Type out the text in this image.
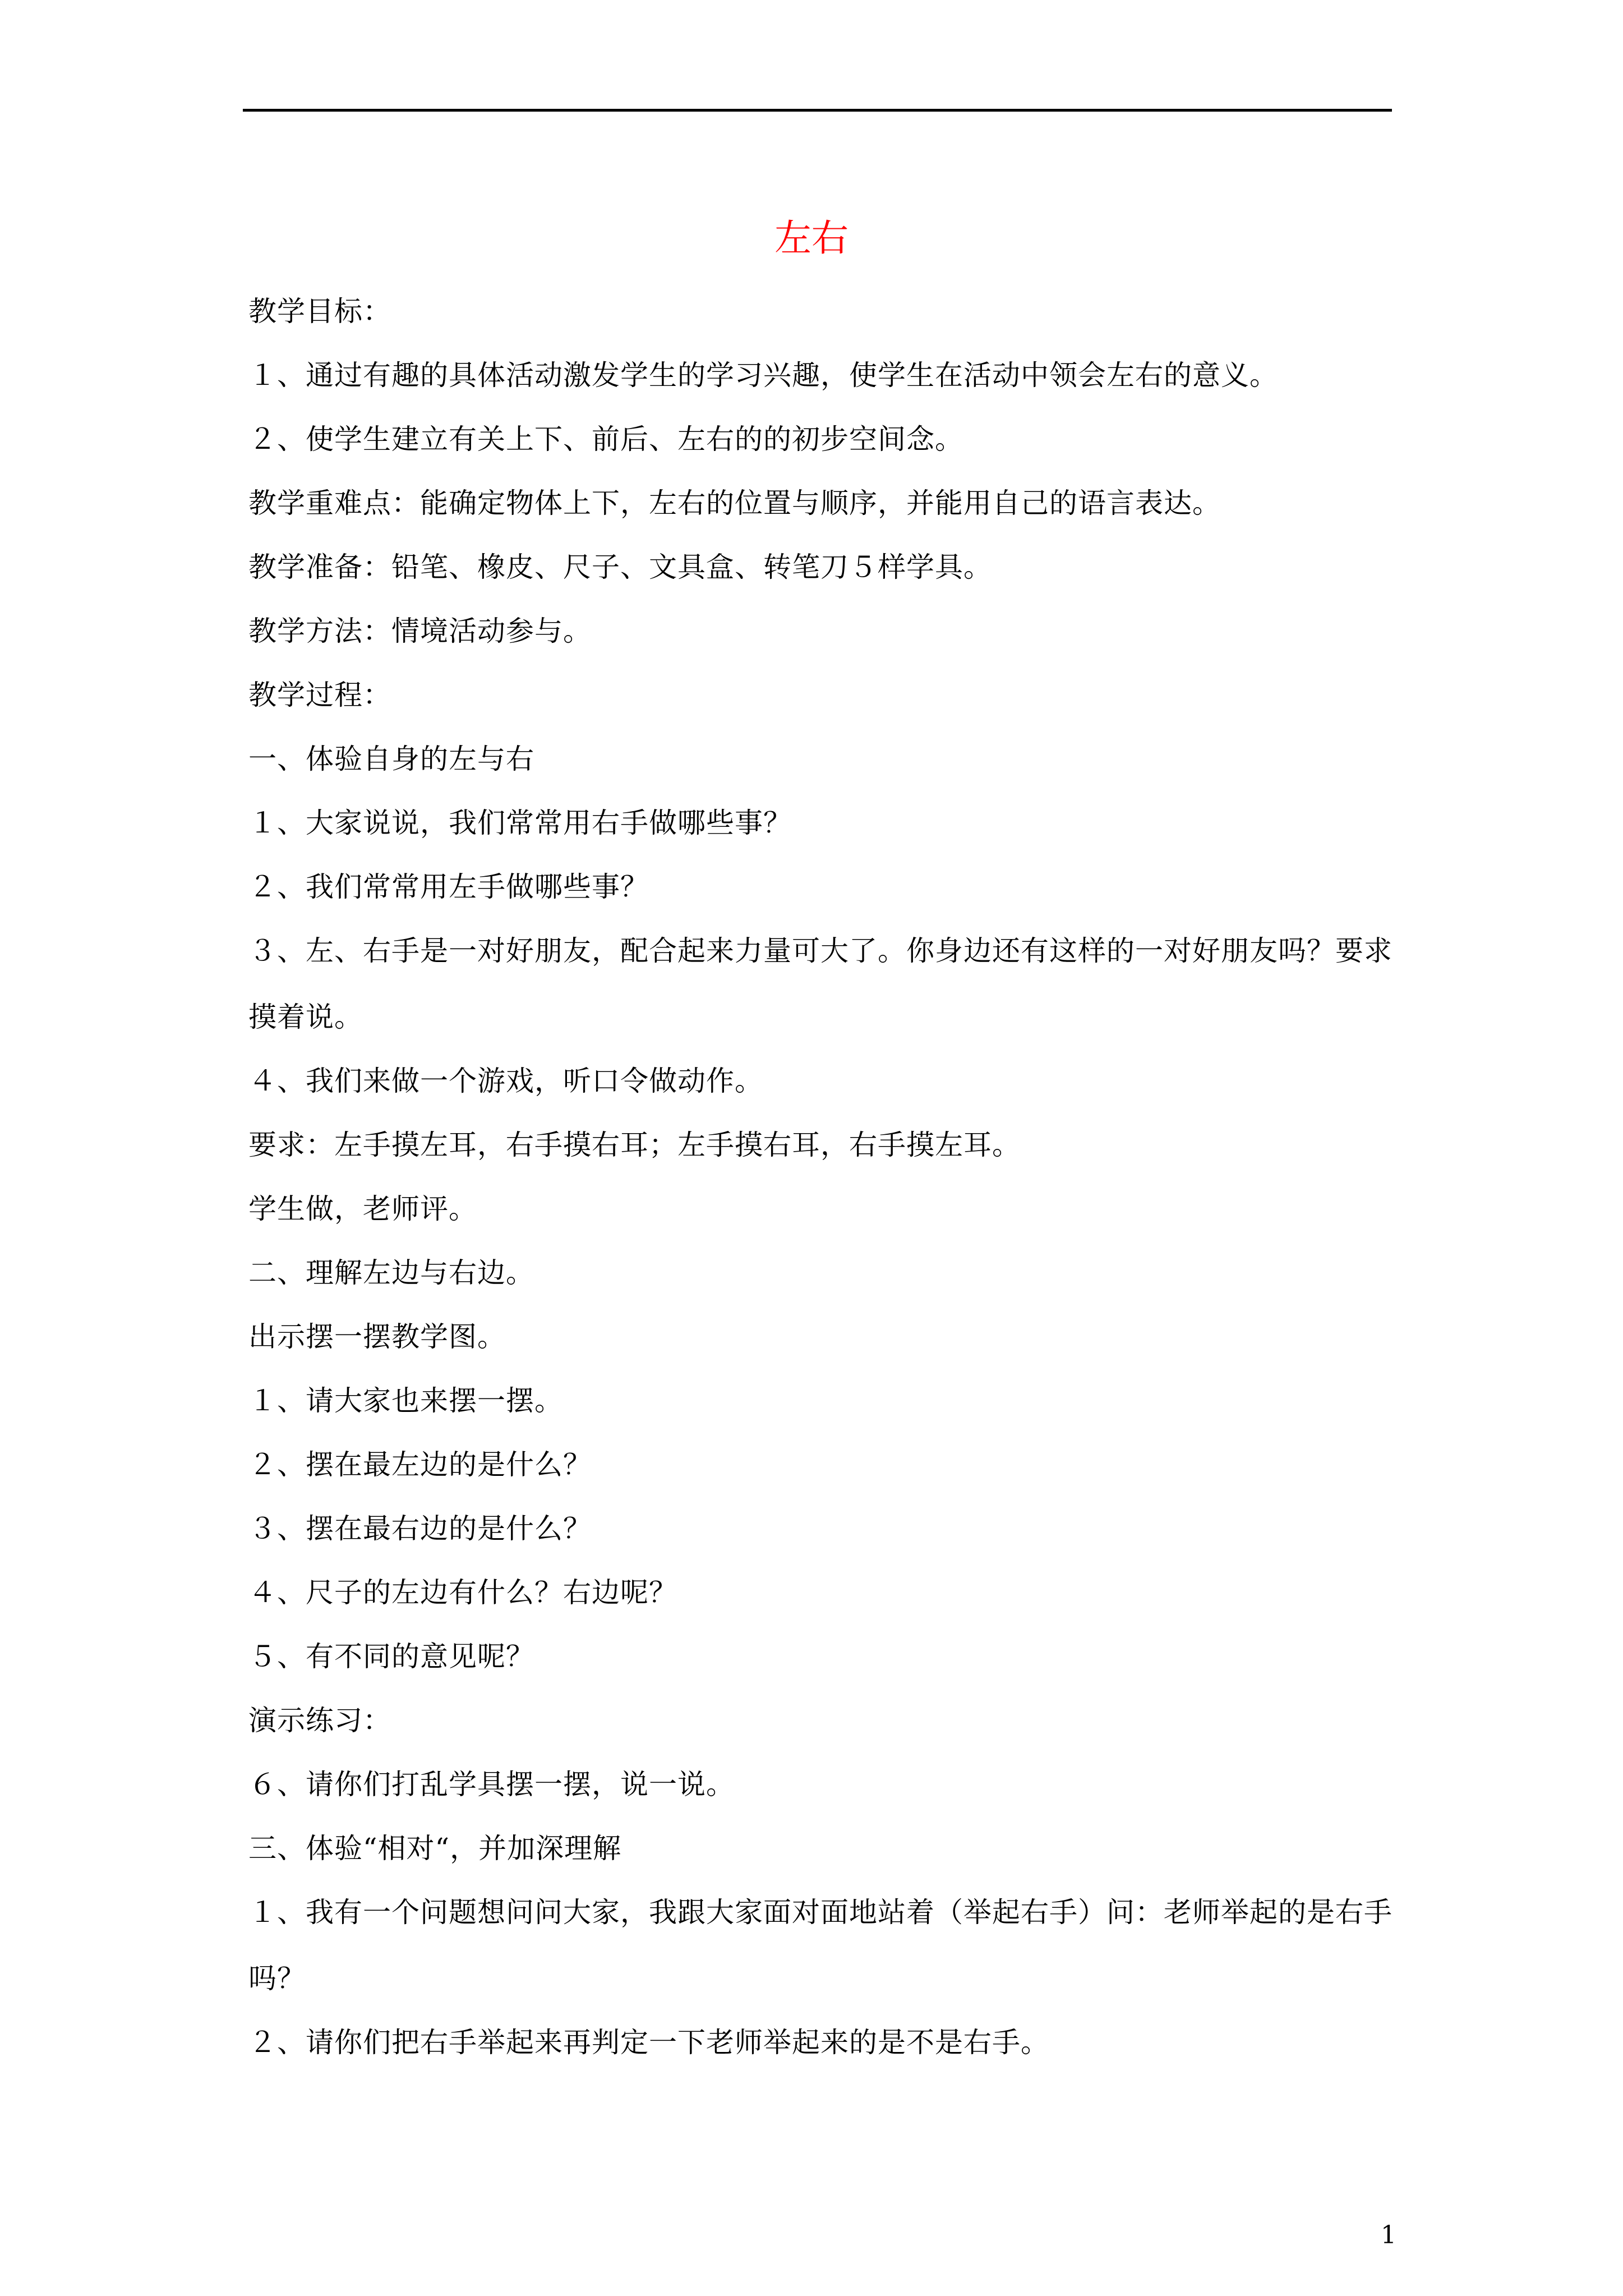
左右

教学目标：

１、通过有趣的具体活动激发学生的学习兴趣，使学生在活动中领会左右的意义。

２、使学生建立有关上下、前后、左右的的初步空间念。

教学重难点：能确定物体上下，左右的位置与顺序，并能用自己的语言表达。

教学准备：铅笔、橡皮、尺子、文具盒、转笔刀５样学具。

教学方法：情境活动参与。

教学过程：

一、体验自身的左与右

１、大家说说，我们常常用右手做哪些事？

２、我们常常用左手做哪些事？

３、左、右手是一对好朋友，配合起来力量可大了。你身边还有这样的一对好朋友吗？要求摸着说。

４、我们来做一个游戏，听口令做动作。

要求：左手摸左耳，右手摸右耳；左手摸右耳，右手摸左耳。

学生做，老师评。

二、理解左边与右边。

出示摆一摆教学图。

１、请大家也来摆一摆。

２、摆在最左边的是什么？

３、摆在最右边的是什么？

４、尺子的左边有什么？右边呢？

５、有不同的意见呢？

演示练习：

６、请你们打乱学具摆一摆，说一说。

三、体验“相对“，并加深理解

１、我有一个问题想问问大家，我跟大家面对面地站着（举起右手）问：老师举起的是右手吗？

２、请你们把右手举起来再判定一下老师举起来的是不是右手。

1
